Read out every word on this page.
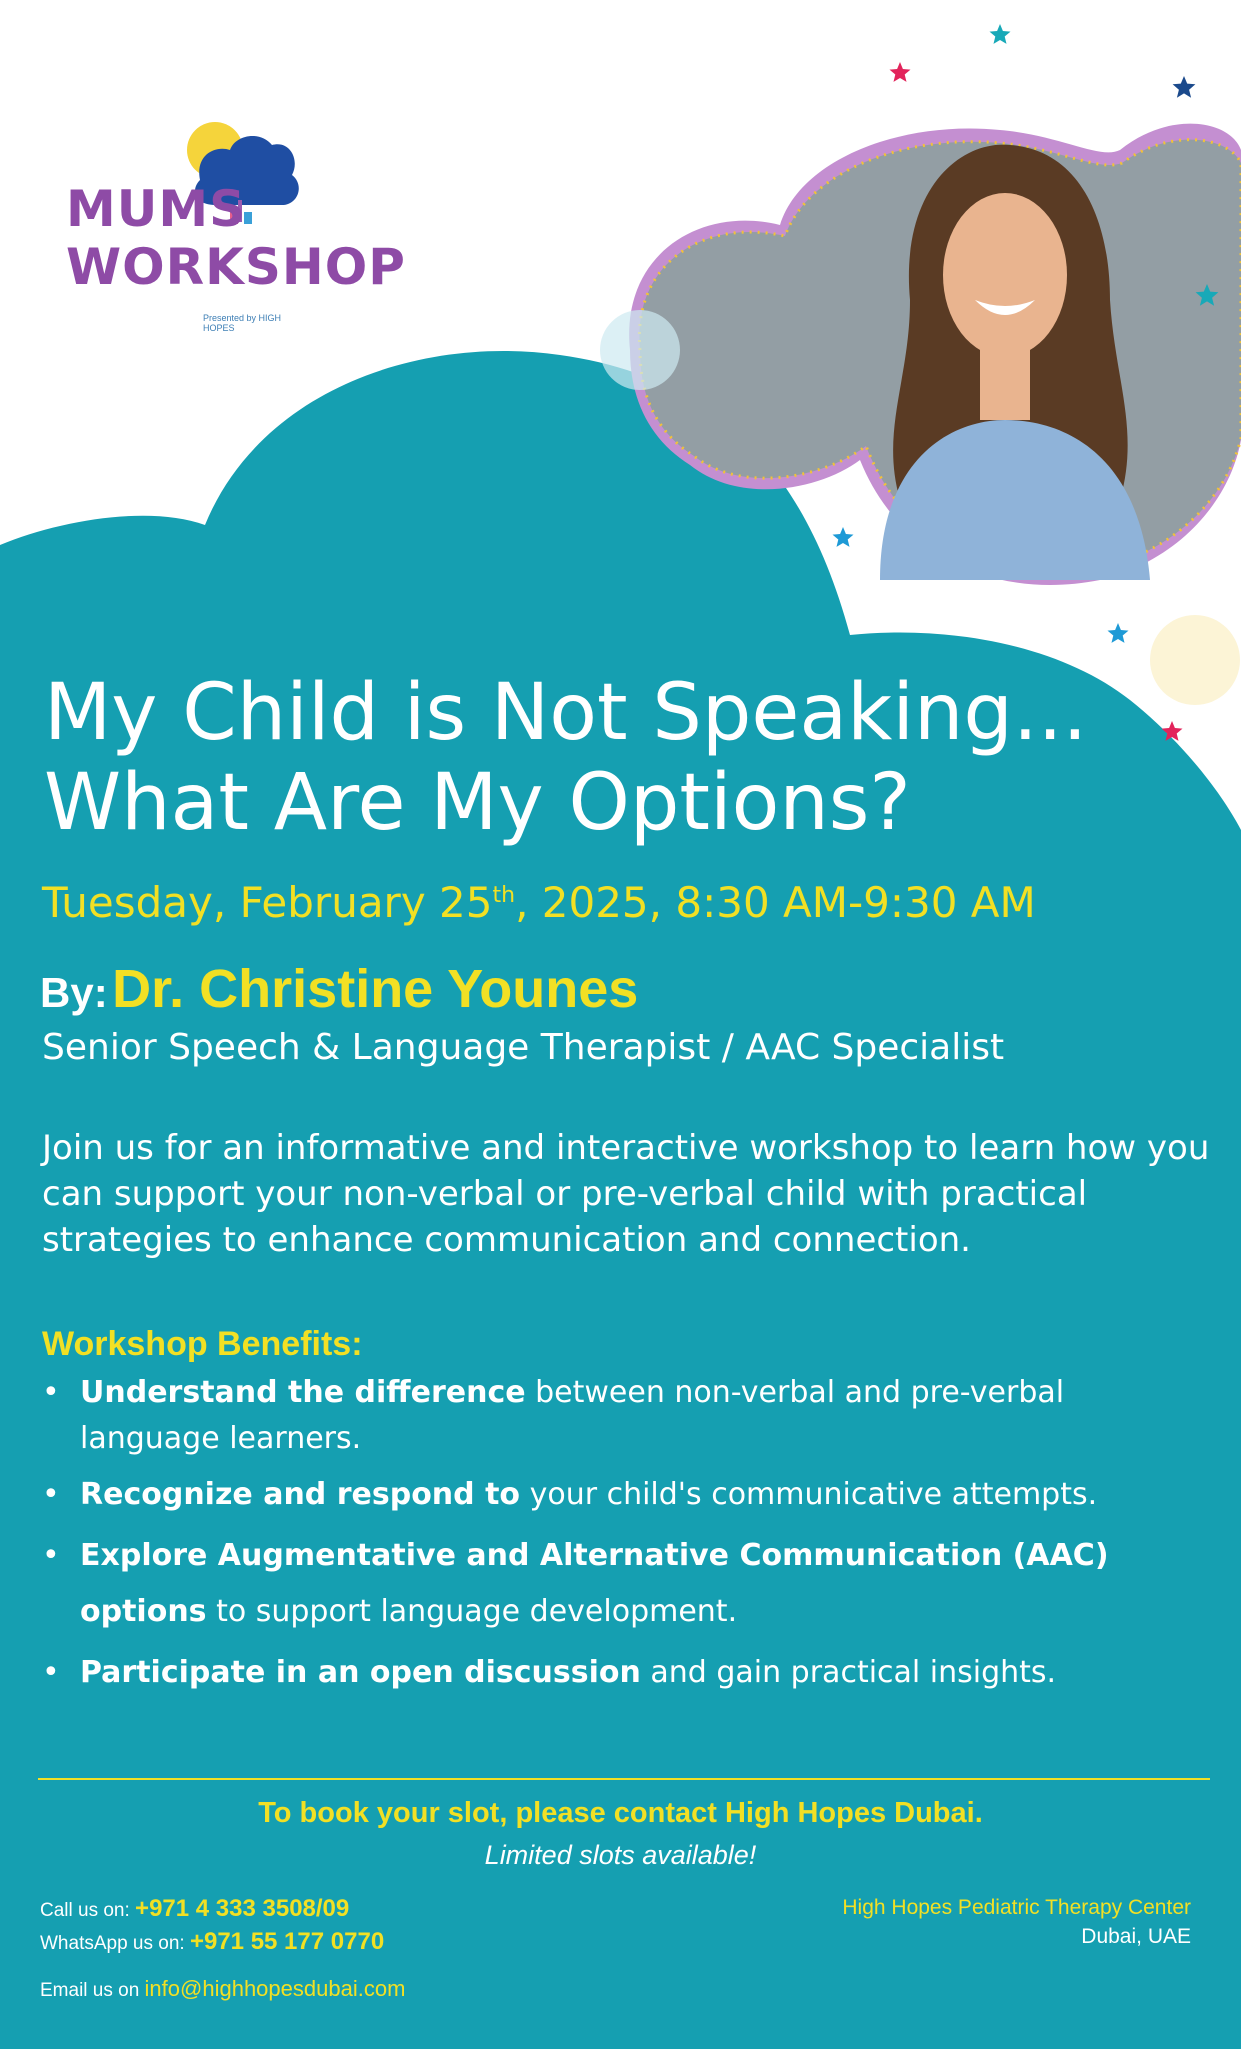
MUMS
WORKSHOP
Presented by HIGH HOPES
My Child is Not Speaking...
What Are My Options?
Tuesday, February 25th, 2025, 8:30 AM-9:30 AM
By: Dr. Christine Younes
Senior Speech & Language Therapist / AAC Specialist
Join us for an informative and interactive workshop to learn how you can support your non-verbal or pre-verbal child with practical strategies to enhance communication and connection.
Workshop Benefits:
• Understand the difference between non-verbal and pre-verbal language learners.
• Recognize and respond to your child's communicative attempts.
• Explore Augmentative and Alternative Communication (AAC) options to support language development.
• Participate in an open discussion and gain practical insights.
To book your slot, please contact High Hopes Dubai.
Limited slots available!
Call us on: +971 4 333 3508/09
WhatsApp us on: +971 55 177 0770
Email us on info@highhopesdubai.com
High Hopes Pediatric Therapy Center
Dubai, UAE
